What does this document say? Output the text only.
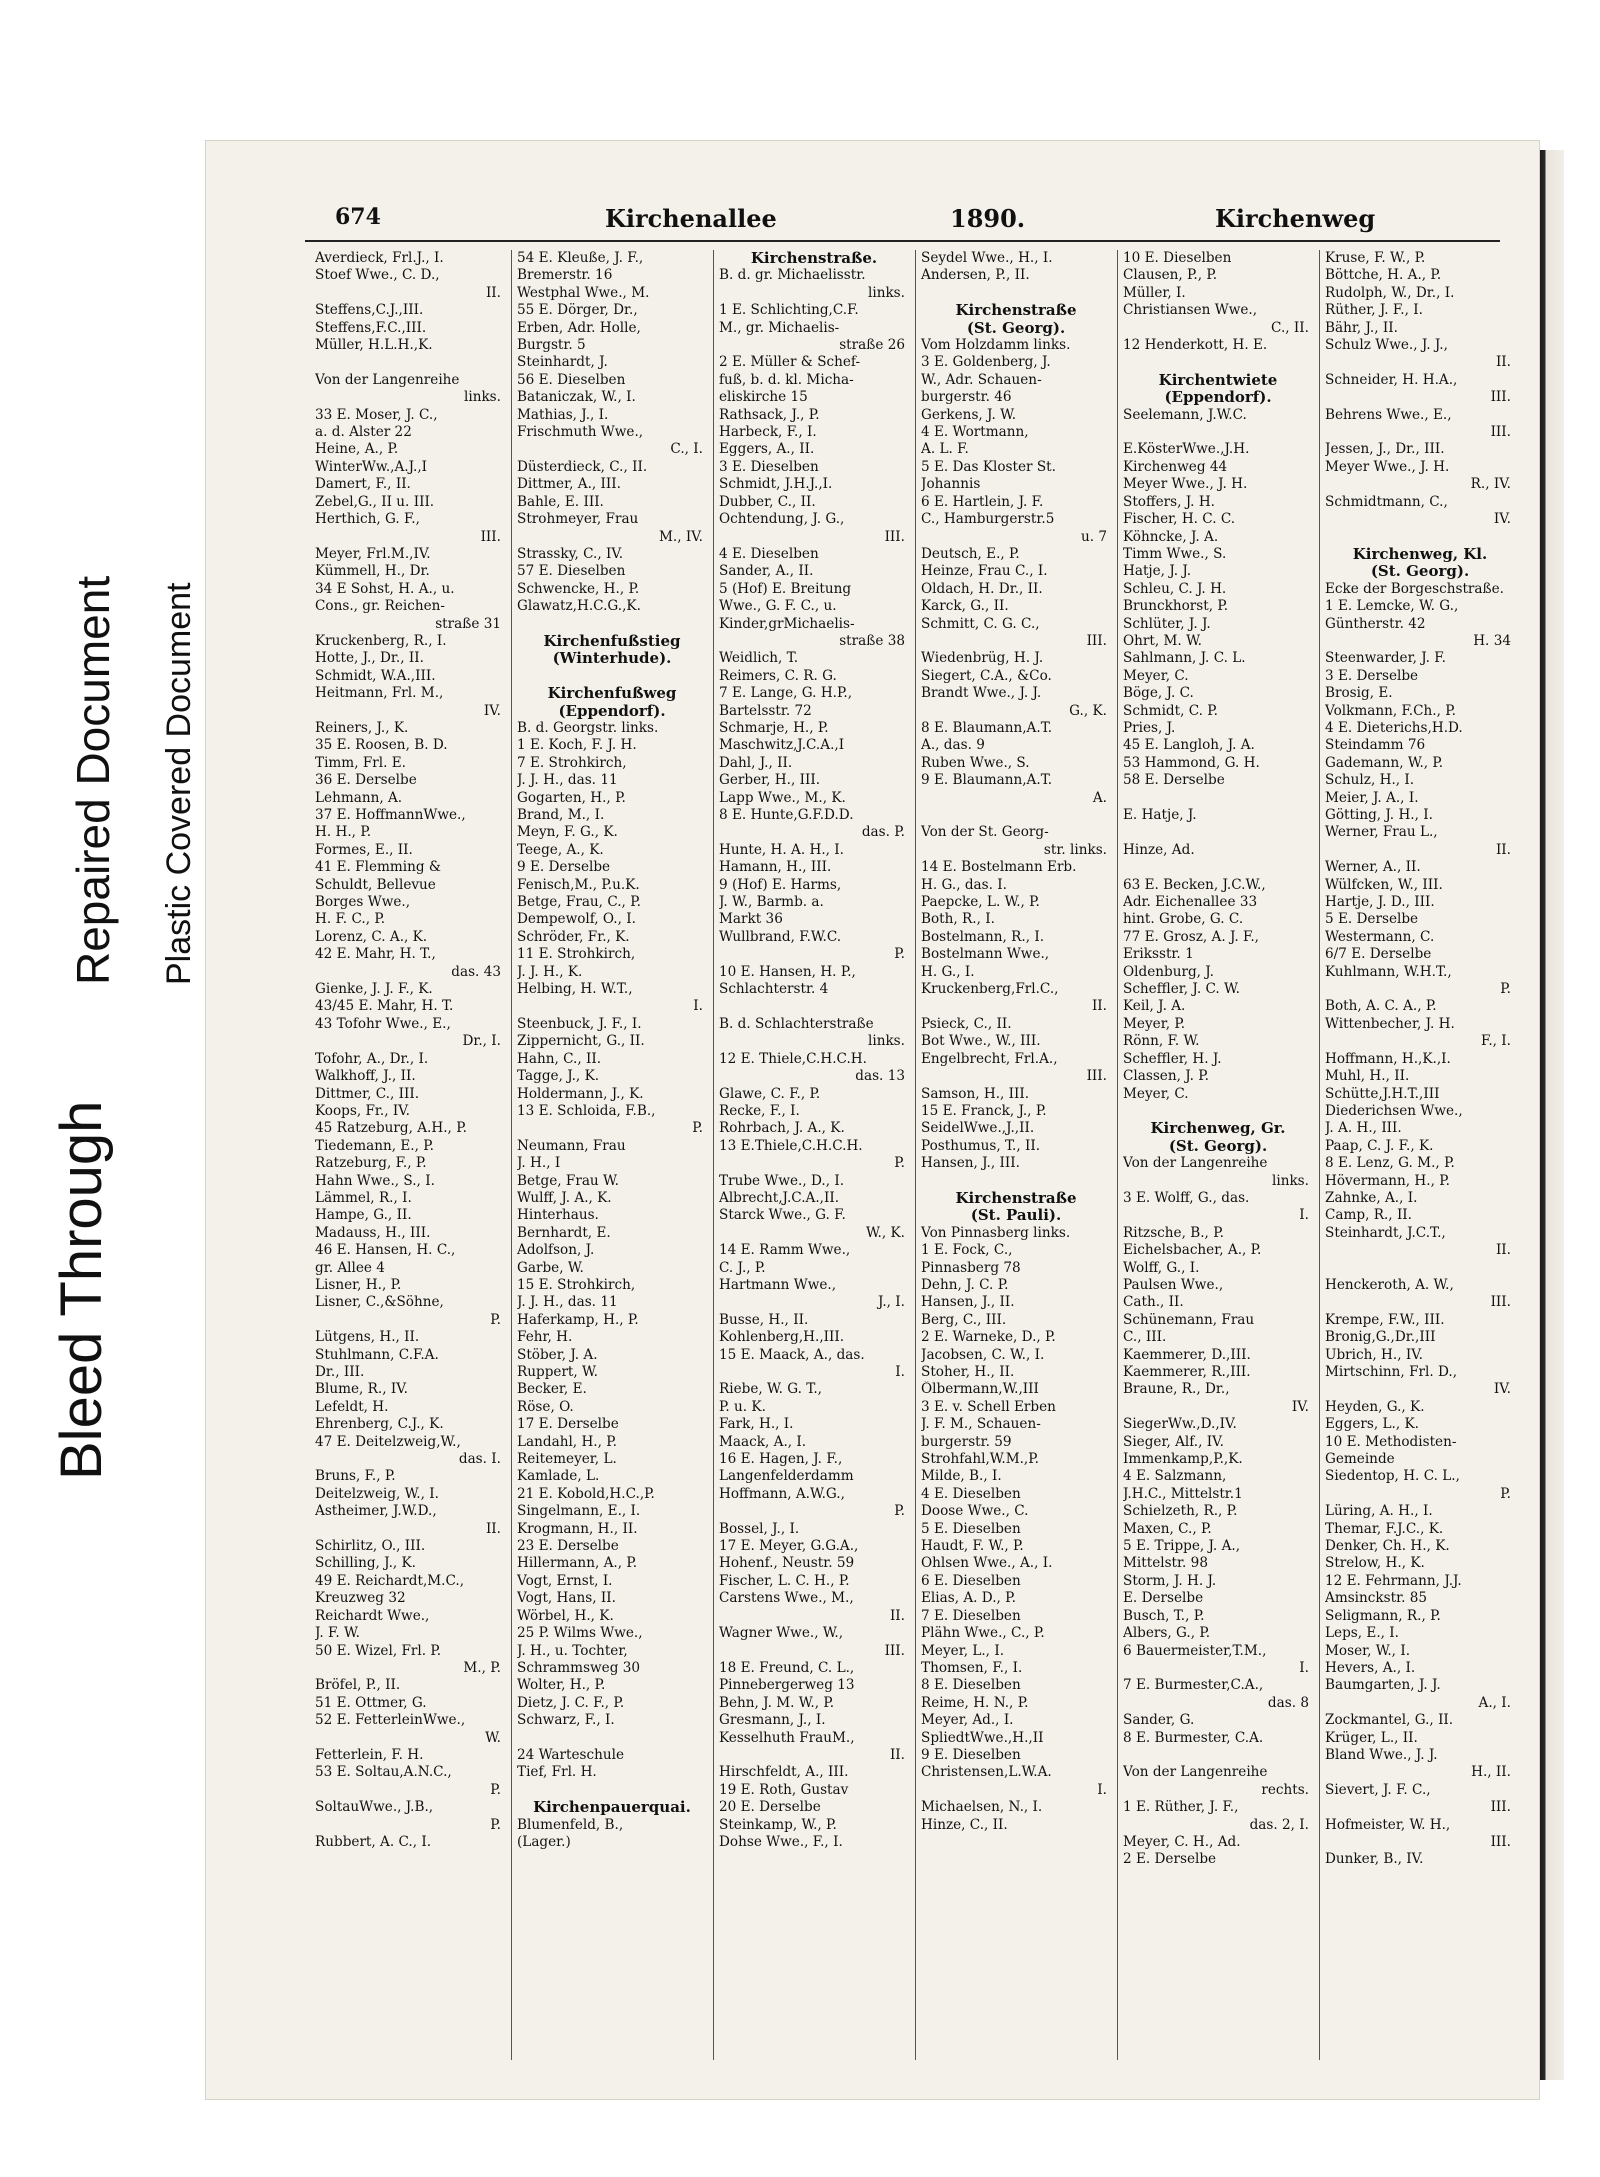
Bleed Through
Repaired Document Plastic Covered Document
674	Kirchenallee	1890.	Kirchenweg
Averdieck, Frl.J., I.
Stoef Wwe., C. D.,
II.
Steffens,C.J.,III.
Steffens,F.C.,III.
Müller, H.L.H.,K.

Von der Langenreihe
links.
33 E. Moser, J. C.,
a. d. Alster 22
Heine, A., P.
WinterWw.,A.J.,I
Damert, F., II.
Zebel,G., II u. III.
Herthich, G. F.,
III.
Meyer, Frl.M.,IV.
Kümmell, H., Dr.
34 E Sohst, H. A., u.
Cons., gr. Reichen-
straße 31
Kruckenberg, R., I.
Hotte, J., Dr., II.
Schmidt, W.A.,III.
Heitmann, Frl. M.,
IV.
Reiners, J., K.
35 E. Roosen, B. D.
Timm, Frl. E.
36 E. Derselbe
Lehmann, A.
37 E. HoffmannWwe.,
H. H., P.
Formes, E., II.
41 E. Flemming &
Schuldt, Bellevue
Borges Wwe.,
H. F. C., P.
Lorenz, C. A., K.
42 E. Mahr, H. T.,
das. 43
Gienke, J. J. F., K.
43/45 E. Mahr, H. T.
43 Tofohr Wwe., E.,
Dr., I.
Tofohr, A., Dr., I.
Walkhoff, J., II.
Dittmer, C., III.
Koops, Fr., IV.
45 Ratzeburg, A.H., P.
Tiedemann, E., P.
Ratzeburg, F., P.
Hahn Wwe., S., I.
Lämmel, R., I.
Hampe, G., II.
Madauss, H., III.
46 E. Hansen, H. C.,
gr. Allee 4
Lisner, H., P.
Lisner, C.,&Söhne,
P.
Lütgens, H., II.
Stuhlmann, C.F.A.
Dr., III.
Blume, R., IV.
Lefeldt, H.
Ehrenberg, C.J., K.
47 E. Deitelzweig,W.,
das. I.
Bruns, F., P.
Deitelzweig, W., I.
Astheimer, J.W.D.,
II.
Schirlitz, O., III.
Schilling, J., K.
49 E. Reichardt,M.C.,
Kreuzweg 32
Reichardt Wwe.,
J. F. W.
50 E. Wizel, Frl. P.
M., P.
Bröfel, P., II.
51 E. Ottmer, G.
52 E. FetterleinWwe.,
W.
Fetterlein, F. H.
53 E. Soltau,A.N.C.,
P.
SoltauWwe., J.B.,
P.
Rubbert, A. C., I.
54 E. Kleuße, J. F.,
Bremerstr. 16
Westphal Wwe., M.
55 E. Dörger, Dr.,
Erben, Adr. Holle,
Burgstr. 5
Steinhardt, J.
56 E. Dieselben
Bataniczak, W., I.
Mathias, J., I.
Frischmuth Wwe.,
C., I.
Düsterdieck, C., II.
Dittmer, A., III.
Bahle, E. III.
Strohmeyer, Frau
M., IV.
Strassky, C., IV.
57 E. Dieselben
Schwencke, H., P.
Glawatz,H.C.G.,K.

Kirchenfußstieg
(Winterhude).

Kirchenfußweg
(Eppendorf).
B. d. Georgstr. links.
1 E. Koch, F. J. H.
7 E. Strohkirch,
J. J. H., das. 11
Gogarten, H., P.
Brand, M., I.
Meyn, F. G., K.
Teege, A., K.
9 E. Derselbe
Fenisch,M., P.u.K.
Betge, Frau, C., P.
Dempewolf, O., I.
Schröder, Fr., K.
11 E. Strohkirch,
J. J. H., K.
Helbing, H. W.T.,
I.
Steenbuck, J. F., I.
Zippernicht, G., II.
Hahn, C., II.
Tagge, J., K.
Holdermann, J., K.
13 E. Schloida, F.B.,
P.
Neumann, Frau
J. H., I
Betge, Frau W.
Wulff, J. A., K.
Hinterhaus.
Bernhardt, E.
Adolfson, J.
Garbe, W.
15 E. Strohkirch,
J. J. H., das. 11
Haferkamp, H., P.
Fehr, H.
Stöber, J. A.
Ruppert, W.
Becker, E.
Röse, O.
17 E. Derselbe
Landahl, H., P.
Reitemeyer, L.
Kamlade, L.
21 E. Kobold,H.C.,P.
Singelmann, E., I.
Krogmann, H., II.
23 E. Derselbe
Hillermann, A., P.
Vogt, Ernst, I.
Vogt, Hans, II.
Wörbel, H., K.
25 P. Wilms Wwe.,
J. H., u. Tochter,
Schrammsweg 30
Wolter, H., P.
Dietz, J. C. F., P.
Schwarz, F., I.

24 Warteschule
Tief, Frl. H.

Kirchenpauerquai.
Blumenfeld, B.,
(Lager.)
Kirchenstraße.
B. d. gr. Michaelisstr.
links.
1 E. Schlichting,C.F.
M., gr. Michaelis-
straße 26
2 E. Müller & Schef-
fuß, b. d. kl. Micha-
eliskirche 15
Rathsack, J., P.
Harbeck, F., I.
Eggers, A., II.
3 E. Dieselben
Schmidt, J.H.J.,I.
Dubber, C., II.
Ochtendung, J. G.,
III.
4 E. Dieselben
Sander, A., II.
5 (Hof) E. Breitung
Wwe., G. F. C., u.
Kinder,grMichaelis-
straße 38
Weidlich, T.
Reimers, C. R. G.
7 E. Lange, G. H.P.,
Bartelsstr. 72
Schmarje, H., P.
Maschwitz,J.C.A.,I
Dahl, J., II.
Gerber, H., III.
Lapp Wwe., M., K.
8 E. Hunte,G.F.D.D.
das. P.
Hunte, H. A. H., I.
Hamann, H., III.
9 (Hof) E. Harms,
J. W., Barmb. a.
Markt 36
Wullbrand, F.W.C.
P.
10 E. Hansen, H. P.,
Schlachterstr. 4

B. d. Schlachterstraße
links.
12 E. Thiele,C.H.C.H.
das. 13
Glawe, C. F., P.
Recke, F., I.
Rohrbach, J. A., K.
13 E.Thiele,C.H.C.H.
P.
Trube Wwe., D., I.
Albrecht,J.C.A.,II.
Starck Wwe., G. F.
W., K.
14 E. Ramm Wwe.,
C. J., P.
Hartmann Wwe.,
J., I.
Busse, H., II.
Kohlenberg,H.,III.
15 E. Maack, A., das.
I.
Riebe, W. G. T.,
P. u. K.
Fark, H., I.
Maack, A., I.
16 E. Hagen, J. F.,
Langenfelderdamm
Hoffmann, A.W.G.,
P.
Bossel, J., I.
17 E. Meyer, G.G.A.,
Hohenf., Neustr. 59
Fischer, L. C. H., P.
Carstens Wwe., M.,
II.
Wagner Wwe., W.,
III.
18 E. Freund, C. L.,
Pinnebergerweg 13
Behn, J. M. W., P.
Gresmann, J., I.
Kesselhuth FrauM.,
II.
Hirschfeldt, A., III.
19 E. Roth, Gustav
20 E. Derselbe
Steinkamp, W., P.
Dohse Wwe., F., I.
Seydel Wwe., H., I.
Andersen, P., II.

Kirchenstraße
(St. Georg).
Vom Holzdamm links.
3 E. Goldenberg, J.
W., Adr. Schauen-
burgerstr. 46
Gerkens, J. W.
4 E. Wortmann,
A. L. F.
5 E. Das Kloster St.
Johannis
6 E. Hartlein, J. F.
C., Hamburgerstr.5
u. 7
Deutsch, E., P.
Heinze, Frau C., I.
Oldach, H. Dr., II.
Karck, G., II.
Schmitt, C. G. C.,
III.
Wiedenbrüg, H. J.
Siegert, C.A., &Co.
Brandt Wwe., J. J.
G., K.
8 E. Blaumann,A.T.
A., das. 9
Ruben Wwe., S.
9 E. Blaumann,A.T.
A.

Von der St. Georg-
str. links.
14 E. Bostelmann Erb.
H. G., das. I.
Paepcke, L. W., P.
Both, R., I.
Bostelmann, R., I.
Bostelmann Wwe.,
H. G., I.
Kruckenberg,Frl.C.,
II.
Psieck, C., II.
Bot Wwe., W., III.
Engelbrecht, Frl.A.,
III.
Samson, H., III.
15 E. Franck, J., P.
SeidelWwe.,J.,II.
Posthumus, T., II.
Hansen, J., III.

Kirchenstraße
(St. Pauli).
Von Pinnasberg links.
1 E. Fock, C.,
Pinnasberg 78
Dehn, J. C. P.
Hansen, J., II.
Berg, C., III.
2 E. Warneke, D., P.
Jacobsen, C. W., I.
Stoher, H., II.
Ölbermann,W.,III
3 E. v. Schell Erben
J. F. M., Schauen-
burgerstr. 59
Strohfahl,W.M.,P.
Milde, B., I.
4 E. Dieselben
Doose Wwe., C.
5 E. Dieselben
Haudt, F. W., P.
Ohlsen Wwe., A., I.
6 E. Dieselben
Elias, A. D., P.
7 E. Dieselben
Plähn Wwe., C., P.
Meyer, L., I.
Thomsen, F., I.
8 E. Dieselben
Reime, H. N., P.
Meyer, Ad., I.
SpliedtWwe.,H.,II
9 E. Dieselben
Christensen,L.W.A.
I.
Michaelsen, N., I.
Hinze, C., II.
10 E. Dieselben
Clausen, P., P.
Müller, I.
Christiansen Wwe.,
C., II.
12 Henderkott, H. E.

Kirchentwiete
(Eppendorf).
Seelemann, J.W.C.

E.KösterWwe.,J.H.
Kirchenweg 44
Meyer Wwe., J. H.
Stoffers, J. H.
Fischer, H. C. C.
Köhncke, J. A.
Timm Wwe., S.
Hatje, J. J.
Schleu, C. J. H.
Brunckhorst, P.
Schlüter, J. J.
Ohrt, M. W.
Sahlmann, J. C. L.
Meyer, C.
Böge, J. C.
Schmidt, C. P.
Pries, J.
45 E. Langloh, J. A.
53 Hammond, G. H.
58 E. Derselbe

E. Hatje, J.

Hinze, Ad.

63 E. Becken, J.C.W.,
Adr. Eichenallee 33
hint. Grobe, G. C.
77 E. Grosz, A. J. F.,
Eriksstr. 1
Oldenburg, J.
Scheffler, J. C. W.
Keil, J. A.
Meyer, P.
Rönn, F. W.
Scheffler, H. J.
Classen, J. P.
Meyer, C.

Kirchenweg, Gr.
(St. Georg).
Von der Langenreihe
links.
3 E. Wolff, G., das.
I.
Ritzsche, B., P.
Eichelsbacher, A., P.
Wolff, G., I.
Paulsen Wwe.,
Cath., II.
Schünemann, Frau
C., III.
Kaemmerer, D.,III.
Kaemmerer, R.,III.
Braune, R., Dr.,
IV.
SiegerWw.,D.,IV.
Sieger, Alf., IV.
Immenkamp,P.,K.
4 E. Salzmann,
J.H.C., Mittelstr.1
Schielzeth, R., P.
Maxen, C., P.
5 E. Trippe, J. A.,
Mittelstr. 98
Storm, J. H. J.
E. Derselbe
Busch, T., P.
Albers, G., P.
6 Bauermeister,T.M.,
I.
7 E. Burmester,C.A.,
das. 8
Sander, G.
8 E. Burmester, C.A.

Von der Langenreihe
rechts.
1 E. Rüther, J. F.,
das. 2, I.
Meyer, C. H., Ad.
2 E. Derselbe
Kruse, F. W., P.
Böttche, H. A., P.
Rudolph, W., Dr., I.
Rüther, J. F., I.
Bähr, J., II.
Schulz Wwe., J. J.,
II.
Schneider, H. H.A.,
III.
Behrens Wwe., E.,
III.
Jessen, J., Dr., III.
Meyer Wwe., J. H.
R., IV.
Schmidtmann, C.,
IV.

Kirchenweg, Kl.
(St. Georg).
Ecke der Borgeschstraße.
1 E. Lemcke, W. G.,
Güntherstr. 42
H. 34
Steenwarder, J. F.
3 E. Derselbe
Brosig, E.
Volkmann, F.Ch., P.
4 E. Dieterichs,H.D.
Steindamm 76
Gademann, W., P.
Schulz, H., I.
Meier, J. A., I.
Götting, J. H., I.
Werner, Frau L.,
II.
Werner, A., II.
Wülfcken, W., III.
Hartje, J. D., III.
5 E. Derselbe
Westermann, C.
6/7 E. Derselbe
Kuhlmann, W.H.T.,
P.
Both, A. C. A., P.
Wittenbecher, J. H.
F., I.
Hoffmann, H.,K.,I.
Muhl, H., II.
Schütte,J.H.T.,III
Diederichsen Wwe.,
J. A. H., III.
Paap, C. J. F., K.
8 E. Lenz, G. M., P.
Hövermann, H., P.
Zahnke, A., I.
Camp, R., II.
Steinhardt, J.C.T.,
II.

Henckeroth, A. W.,
III.
Krempe, F.W., III.
Bronig,G.,Dr.,III
Ubrich, H., IV.
Mirtschinn, Frl. D.,
IV.
Heyden, G., K.
Eggers, L., K.
10 E. Methodisten-
Gemeinde
Siedentop, H. C. L.,
P.
Lüring, A. H., I.
Themar, F.J.C., K.
Denker, Ch. H., K.
Strelow, H., K.
12 E. Fehrmann, J.J.
Amsinckstr. 85
Seligmann, R., P.
Leps, E., I.
Moser, W., I.
Hevers, A., I.
Baumgarten, J. J.
A., I.
Zockmantel, G., II.
Krüger, L., II.
Bland Wwe., J. J.
H., II.
Sievert, J. F. C.,
III.
Hofmeister, W. H.,
III.
Dunker, B., IV.
